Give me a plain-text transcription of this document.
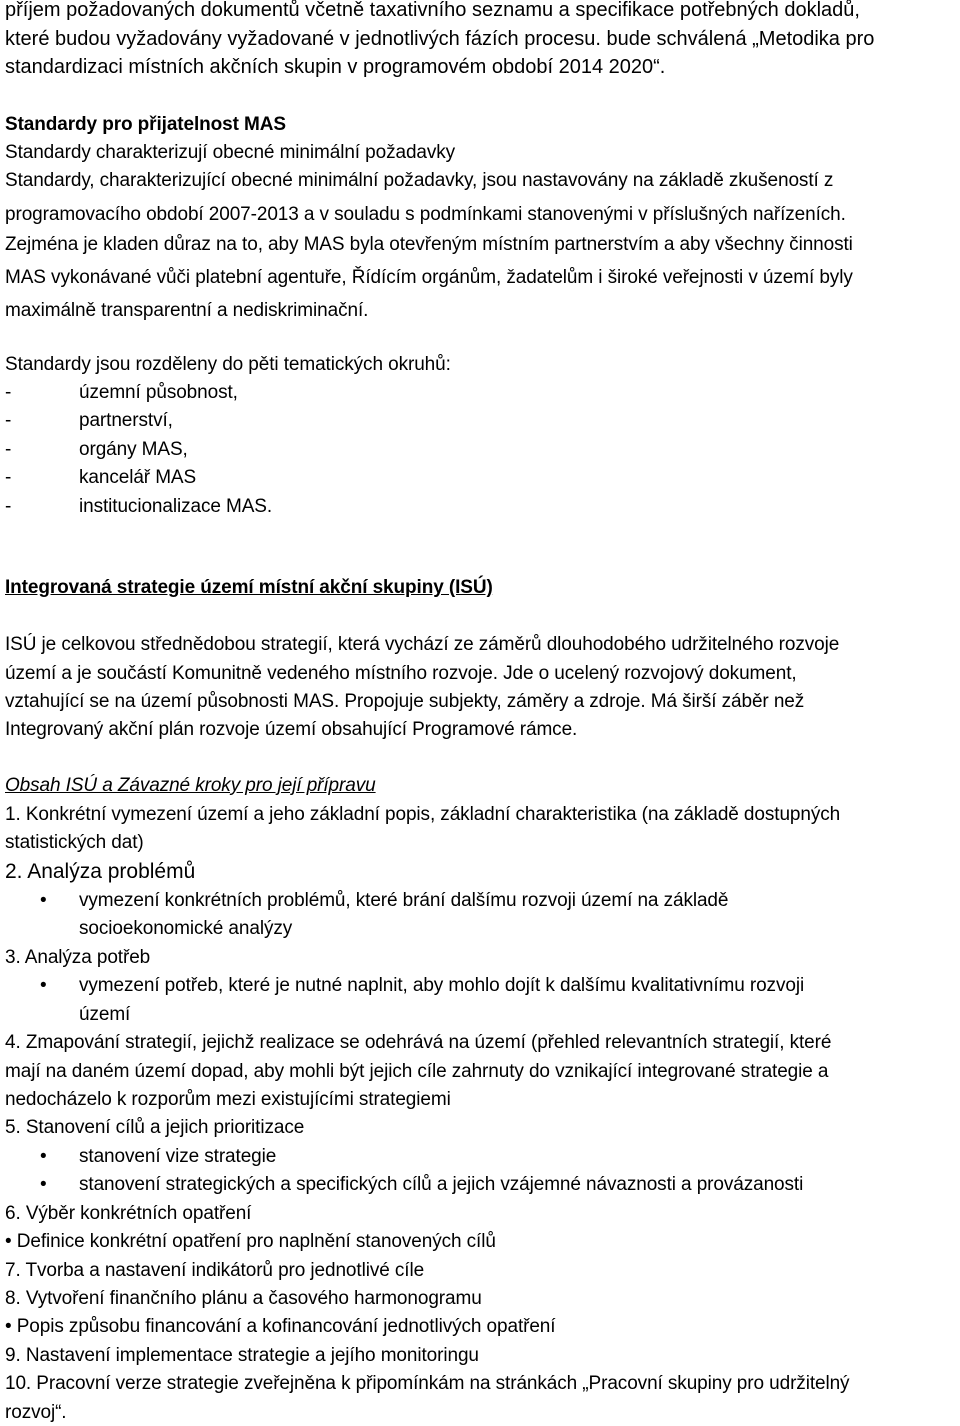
příjem požadovaných dokumentů včetně taxativního seznamu a specifikace potřebných dokladů,
které budou vyžadovány vyžadované v jednotlivých fázích procesu. bude schválená „Metodika pro
standardizaci místních akčních skupin v programovém období 2014 2020“.
Standardy pro přijatelnost MAS
Standardy charakterizují obecné minimální požadavky
Standardy, charakterizující obecné minimální požadavky, jsou nastavovány na základě zkušeností z
programovacího období 2007-2013 a v souladu s podmínkami stanovenými v příslušných nařízeních.
Zejména je kladen důraz na to, aby MAS byla otevřeným místním partnerstvím a aby všechny činnosti
MAS vykonávané vůči platební agentuře, Řídícím orgánům, žadatelům i široké veřejnosti v území byly
maximálně transparentní a nediskriminační.
Standardy jsou rozděleny do pěti tematických okruhů:
-	územní působnost,
-	partnerství,
-	orgány MAS,
-	kancelář MAS
-	institucionalizace MAS.
Integrovaná strategie území místní akční skupiny (ISÚ)
ISÚ je celkovou střednědobou strategií, která vychází ze záměrů dlouhodobého udržitelného rozvoje
území a je součástí Komunitně vedeného místního rozvoje. Jde o ucelený rozvojový dokument,
vztahující se na území působnosti MAS. Propojuje subjekty, záměry a zdroje. Má širší záběr než
Integrovaný akční plán rozvoje území obsahující Programové rámce.
Obsah ISÚ a Závazné kroky pro její přípravu
1. Konkrétní vymezení území a jeho základní popis, základní charakteristika (na základě dostupných
statistických dat)
2. Analýza problémů
• vymezení konkrétních problémů, které brání dalšímu rozvoji území na základě
socioekonomické analýzy
3. Analýza potřeb
• vymezení potřeb, které je nutné naplnit, aby mohlo dojít k dalšímu kvalitativnímu rozvoji
území
4. Zmapování strategií, jejichž realizace se odehrává na území (přehled relevantních strategií, které
mají na daném území dopad, aby mohli být jejich cíle zahrnuty do vznikající integrované strategie a
nedocházelo k rozporům mezi existujícími strategiemi
5. Stanovení cílů a jejich prioritizace
• stanovení vize strategie
• stanovení strategických a specifických cílů a jejich vzájemné návaznosti a provázanosti
6. Výběr konkrétních opatření
• Definice konkrétní opatření pro naplnění stanovených cílů
7. Tvorba a nastavení indikátorů pro jednotlivé cíle
8. Vytvoření finančního plánu a časového harmonogramu
• Popis způsobu financování a kofinancování jednotlivých opatření
9. Nastavení implementace strategie a jejího monitoringu
10. Pracovní verze strategie zveřejněna k připomínkám na stránkách „Pracovní skupiny pro udržitelný
rozvoj“.
